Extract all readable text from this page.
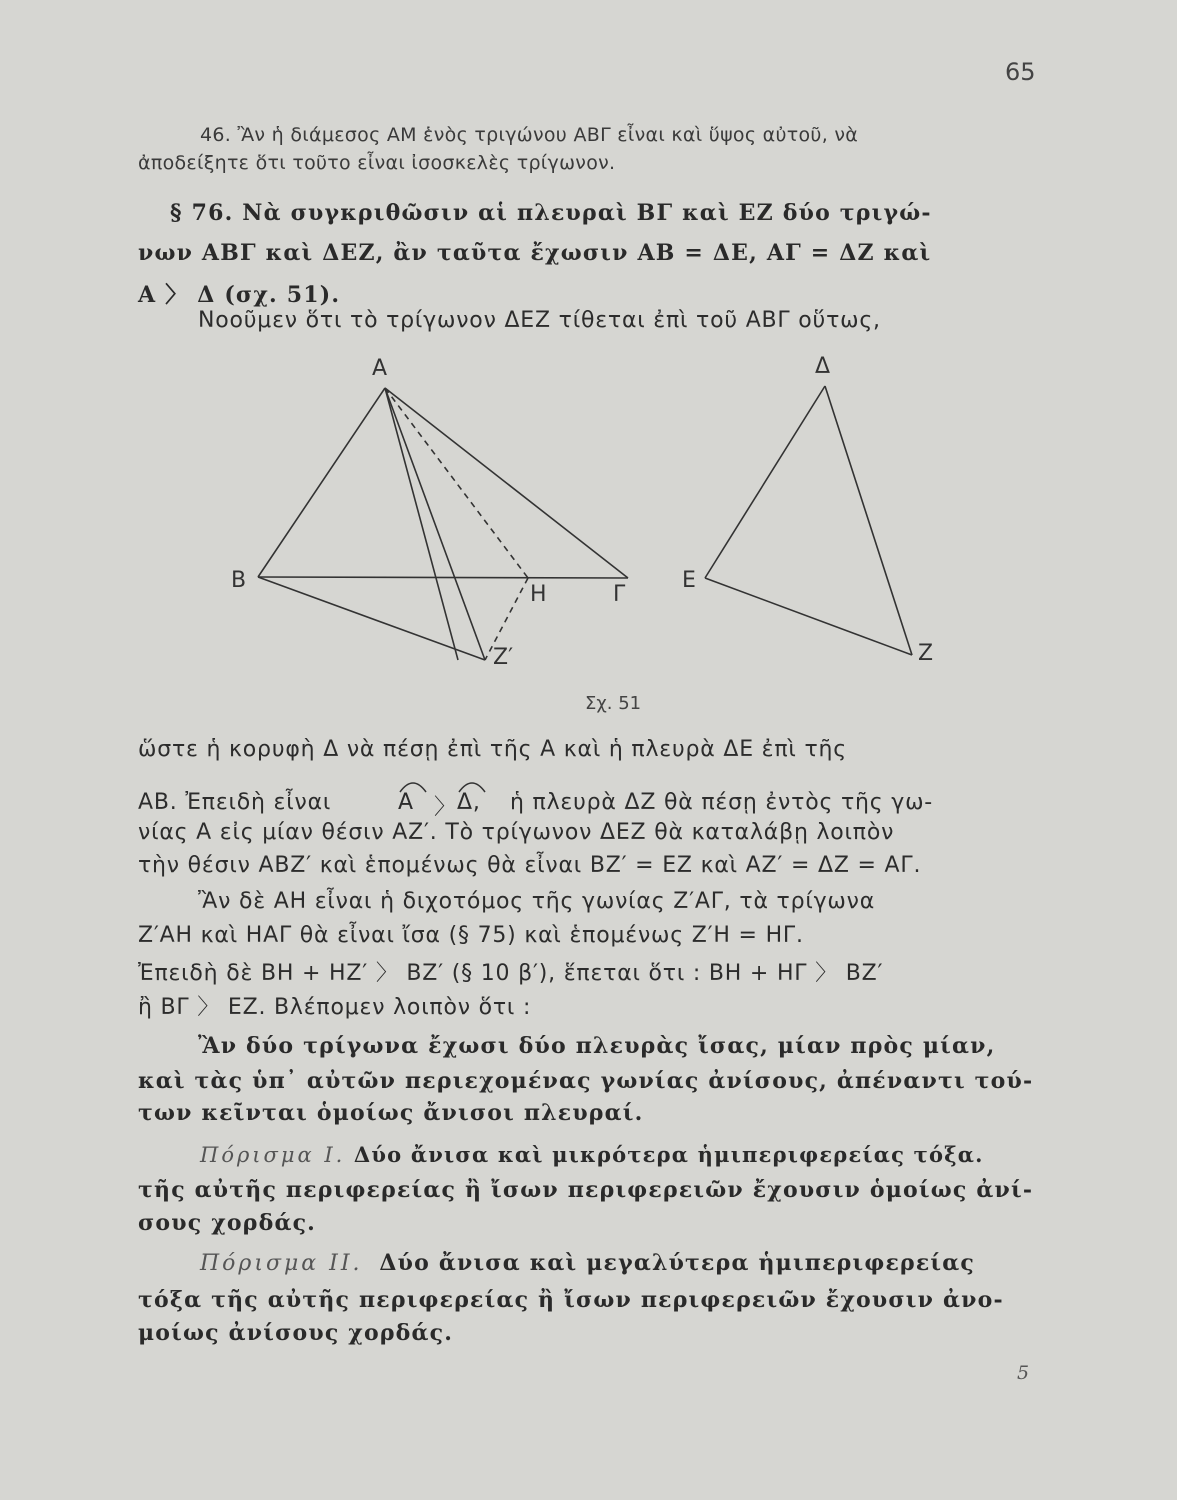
65
46. Ἂν ἡ διάμεσος AM ἑνὸς τριγώνου ΑΒΓ εἶναι καὶ ὕψος αὐτοῦ, νὰ
ἀποδείξητε ὅτι τοῦτο εἶναι ἰσοσκελὲς τρίγωνον.
§ 76. Νὰ συγκριθῶσιν αἱ πλευραὶ ΒΓ καὶ ΕΖ δύο τριγώ-
νων ΑΒΓ καὶ ΔΕΖ, ἂν ταῦτα ἔχωσιν ΑΒ = ΔΕ, ΑΓ = ΔΖ καὶ
Α 〉 Δ (σχ. 51).
Νοοῦμεν ὅτι τὸ τρίγωνον ΔΕΖ τίθεται ἐπὶ τοῦ ΑΒΓ οὕτως,
A
B
H	Γ
Z′
Δ
E
Z
Σχ. 51
ὥστε ἡ κορυφὴ Δ νὰ πέσῃ ἐπὶ τῆς Α καὶ ἡ πλευρὰ ΔΕ ἐπὶ τῆς
ΑΒ. Ἐπειδὴ εἶναι	A 〉 Δ, ἡ πλευρὰ ΔΖ θὰ πέσῃ ἐντὸς τῆς γω-
νίας Α εἰς μίαν θέσιν ΑΖ′. Τὸ τρίγωνον ΔΕΖ θὰ καταλάβῃ λοιπὸν
τὴν θέσιν ΑΒΖ′ καὶ ἑπομένως θὰ εἶναι ΒΖ′ = ΕΖ καὶ ΑΖ′ = ΔΖ = ΑΓ.
Ἂν δὲ ΑΗ εἶναι ἡ διχοτόμος τῆς γωνίας Ζ′ΑΓ, τὰ τρίγωνα
Ζ′ΑΗ καὶ ΗΑΓ θὰ εἶναι ἴσα (§ 75) καὶ ἑπομένως Ζ′Η = ΗΓ.
Ἐπειδὴ δὲ ΒΗ + ΗΖ′ 〉 ΒΖ′ (§ 10 β′), ἕπεται ὅτι : ΒΗ + ΗΓ 〉 ΒΖ′
ἢ ΒΓ 〉 ΕΖ. Βλέπομεν λοιπὸν ὅτι :
Ἂν δύο τρίγωνα ἔχωσι δύο πλευρὰς ἴσας, μίαν πρὸς μίαν,
καὶ τὰς ὑπ᾽ αὐτῶν περιεχομένας γωνίας ἀνίσους, ἀπέναντι τού-
των κεῖνται ὁμοίως ἄνισοι πλευραί.
Πόρισμα Ι. Δύο ἄνισα καὶ μικρότερα ἡμιπεριφερείας τόξα.
τῆς αὐτῆς περιφερείας ἢ ἴσων περιφερειῶν ἔχουσιν ὁμοίως ἀνί-
σους χορδάς.
Πόρισμα ΙΙ. Δύο ἄνισα καὶ μεγαλύτερα ἡμιπεριφερείας
τόξα τῆς αὐτῆς περιφερείας ἢ ἴσων περιφερειῶν ἔχουσιν ἀνο-
μοίως ἀνίσους χορδάς.
5
